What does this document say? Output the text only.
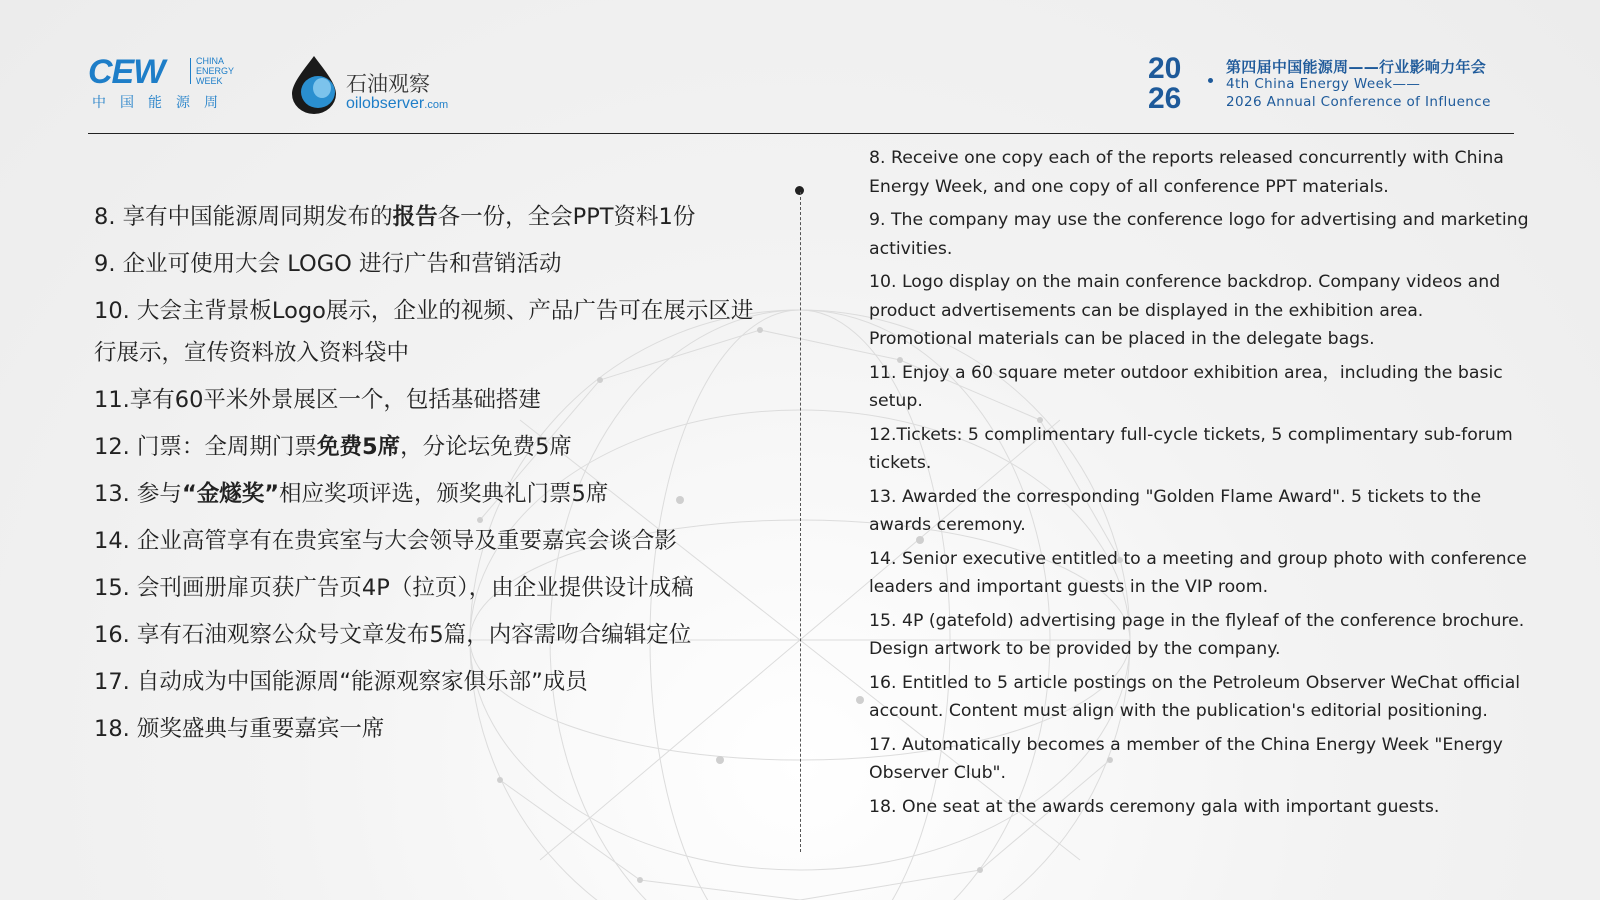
CEW	CHINA
ENERGY
WEEK
中国能源周
石油观察
oilobserver.com
20
26
第四届中国能源周——行业影响力年会
4th China Energy Week——
2026 Annual Conference of Influence
8. 享有中国能源周同期发布的报告各一份，全会PPT资料1份
9. 企业可使用大会 LOGO 进行广告和营销活动
10. 大会主背景板Logo展示，企业的视频、产品广告可在展示区进行展示，宣传资料放入资料袋中
11.享有60平米外景展区一个，包括基础搭建
12. 门票：全周期门票免费5席，分论坛免费5席
13. 参与“金燧奖”相应奖项评选，颁奖典礼门票5席
14. 企业高管享有在贵宾室与大会领导及重要嘉宾会谈合影
15. 会刊画册扉页获广告页4P（拉页），由企业提供设计成稿
16. 享有石油观察公众号文章发布5篇，内容需吻合编辑定位
17. 自动成为中国能源周“能源观察家俱乐部”成员
18. 颁奖盛典与重要嘉宾一席
8. Receive one copy each of the reports released concurrently with China Energy Week, and one copy of all conference PPT materials.
9. The company may use the conference logo for advertising and marketing activities.
10. Logo display on the main conference backdrop. Company videos and product advertisements can be displayed in the exhibition area. Promotional materials can be placed in the delegate bags.
11. Enjoy a 60 square meter outdoor exhibition area，including the basic setup.
12.Tickets: 5 complimentary full-cycle tickets, 5 complimentary sub-forum tickets.
13. Awarded the corresponding "Golden Flame Award". 5 tickets to the awards ceremony.
14. Senior executive entitled to a meeting and group photo with conference leaders and important guests in the VIP room.
15. 4P (gatefold) advertising page in the flyleaf of the conference brochure. Design artwork to be provided by the company.
16. Entitled to 5 article postings on the Petroleum Observer WeChat official account. Content must align with the publication's editorial positioning.
17. Automatically becomes a member of the China Energy Week "Energy Observer Club".
18. One seat at the awards ceremony gala with important guests.
